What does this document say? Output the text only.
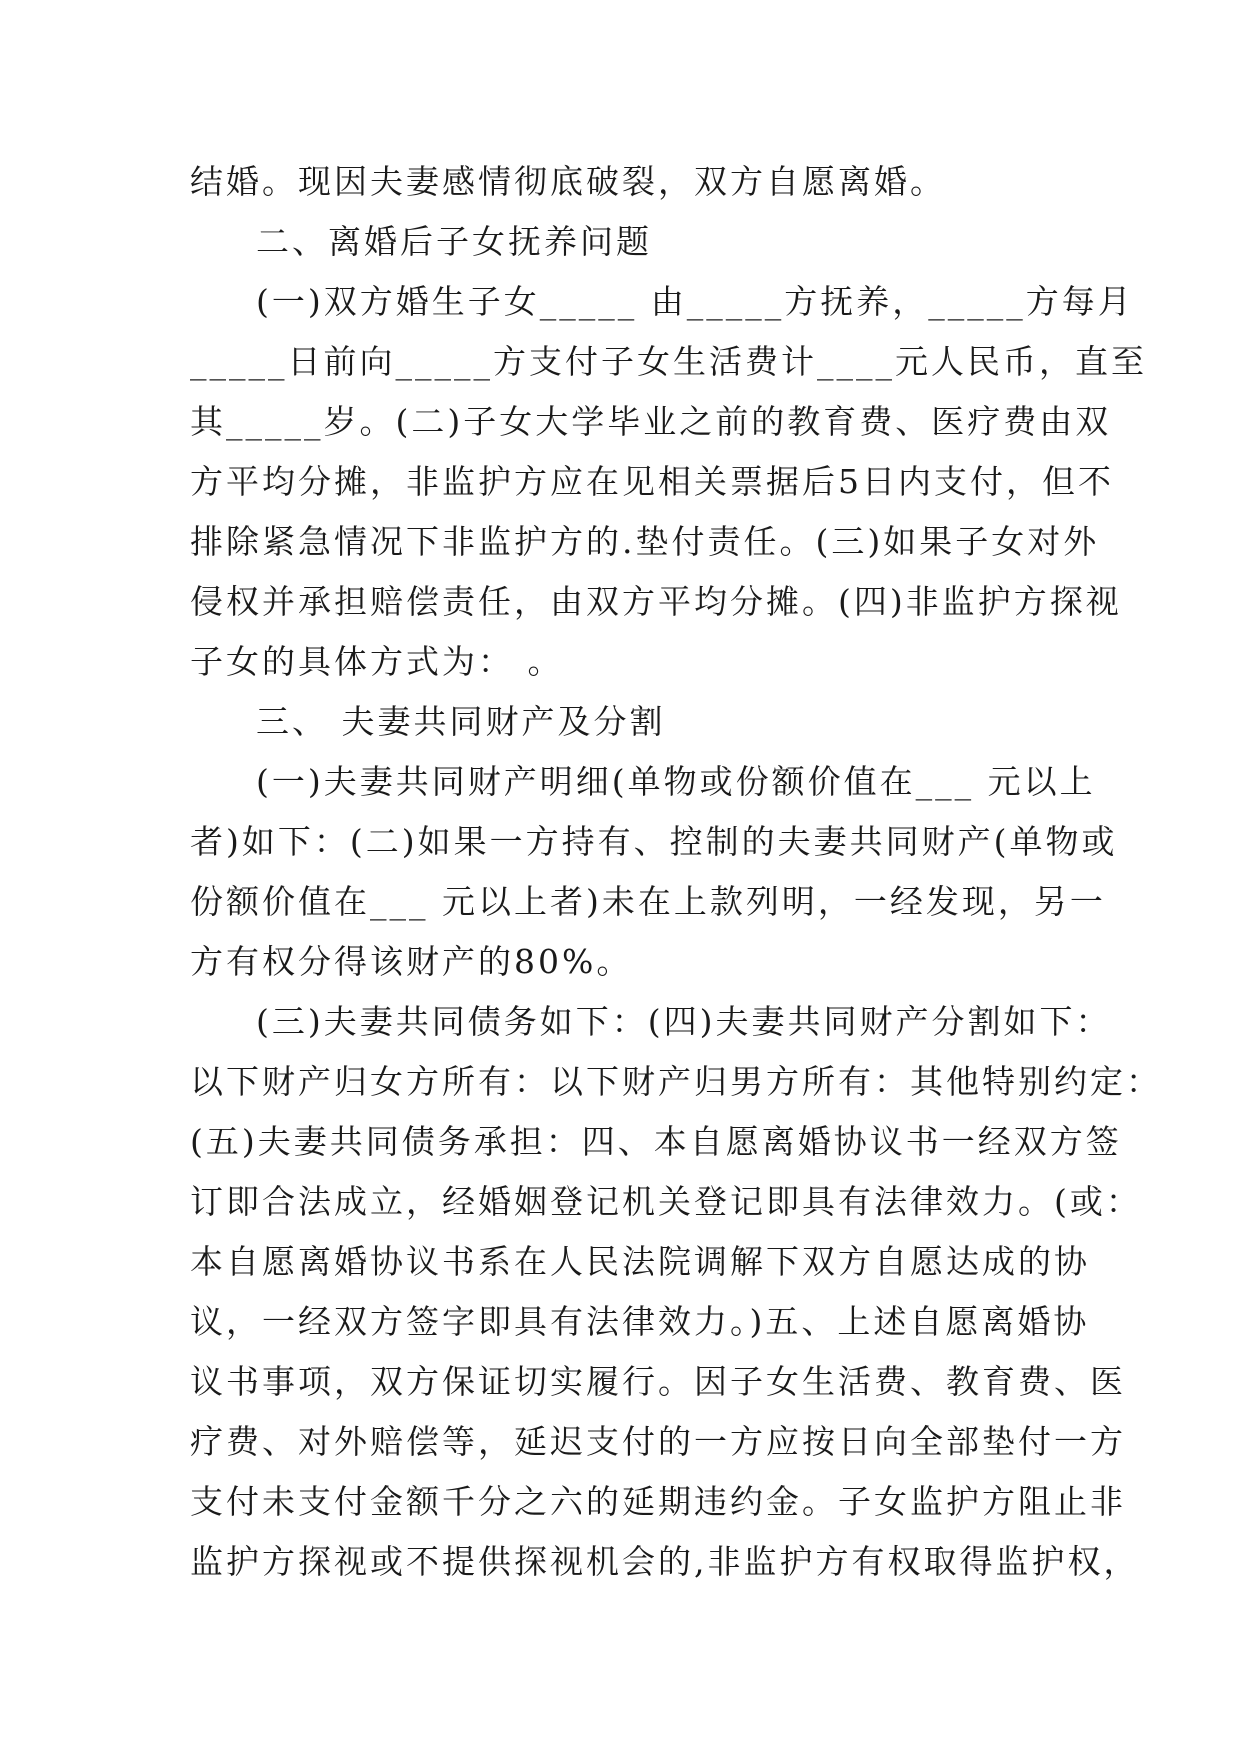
结婚。现因夫妻感情彻底破裂，双方自愿离婚。
二、离婚后子女抚养问题
(一)双方婚生子女_____ 由_____方抚养，_____方每月
_____日前向_____方支付子女生活费计____元人民币，直至
其_____岁。(二)子女大学毕业之前的教育费、医疗费由双
方平均分摊，非监护方应在见相关票据后5日内支付，但不
排除紧急情况下非监护方的.垫付责任。(三)如果子女对外
侵权并承担赔偿责任，由双方平均分摊。(四)非监护方探视
子女的具体方式为： 。
三、 夫妻共同财产及分割
(一)夫妻共同财产明细(单物或份额价值在___ 元以上
者)如下：(二)如果一方持有、控制的夫妻共同财产(单物或
份额价值在___ 元以上者)未在上款列明，一经发现，另一
方有权分得该财产的80%。
(三)夫妻共同债务如下：(四)夫妻共同财产分割如下：
以下财产归女方所有：以下财产归男方所有：其他特别约定：
(五)夫妻共同债务承担：四、本自愿离婚协议书一经双方签
订即合法成立，经婚姻登记机关登记即具有法律效力。(或：
本自愿离婚协议书系在人民法院调解下双方自愿达成的协
议，一经双方签字即具有法律效力。)五、上述自愿离婚协
议书事项，双方保证切实履行。因子女生活费、教育费、医
疗费、对外赔偿等，延迟支付的一方应按日向全部垫付一方
支付未支付金额千分之六的延期违约金。子女监护方阻止非
监护方探视或不提供探视机会的,非监护方有权取得监护权，
